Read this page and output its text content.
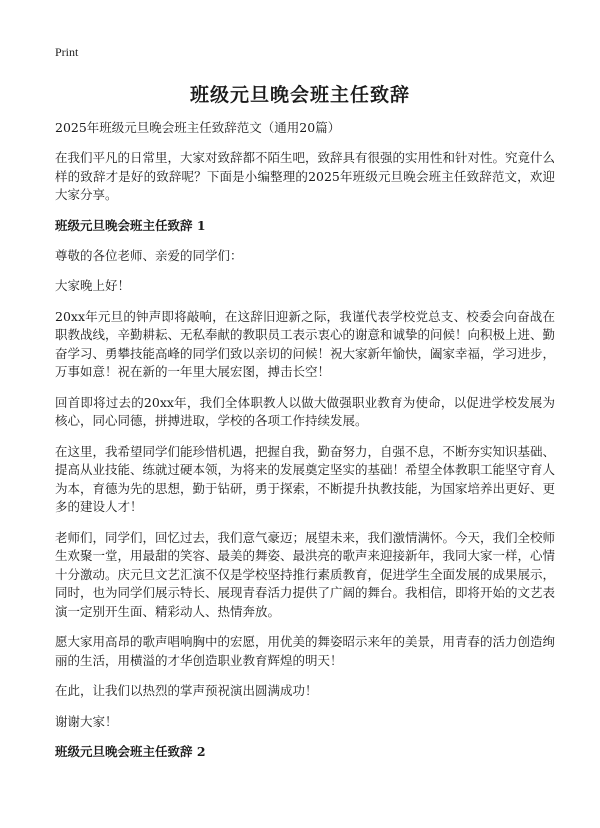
Print
班级元旦晚会班主任致辞

2025年班级元旦晚会班主任致辞范文（通用20篇）

在我们平凡的日常里，大家对致辞都不陌生吧，致辞具有很强的实用性和针对性。究竟什么样的致辞才是好的致辞呢？下面是小编整理的2025年班级元旦晚会班主任致辞范文，欢迎大家分享。

班级元旦晚会班主任致辞 1

尊敬的各位老师、亲爱的同学们：

大家晚上好！

20xx年元旦的钟声即将敲响，在这辞旧迎新之际，我谨代表学校党总支、校委会向奋战在职教战线，辛勤耕耘、无私奉献的教职员工表示衷心的谢意和诚挚的问候！向积极上进、勤奋学习、勇攀技能高峰的同学们致以亲切的问候！祝大家新年愉快，阖家幸福，学习进步，万事如意！祝在新的一年里大展宏图，搏击长空！

回首即将过去的20xx年，我们全体职教人以做大做强职业教育为使命，以促进学校发展为核心，同心同德，拼搏进取，学校的各项工作持续发展。

在这里，我希望同学们能珍惜机遇，把握自我，勤奋努力，自强不息，不断夯实知识基础、提高从业技能、练就过硬本领，为将来的发展奠定坚实的基础！希望全体教职工能坚守育人为本，育德为先的思想，勤于钻研，勇于探索，不断提升执教技能，为国家培养出更好、更多的建设人才！

老师们，同学们，回忆过去，我们意气豪迈；展望未来，我们激情满怀。今天，我们全校师生欢聚一堂，用最甜的笑容、最美的舞姿、最洪亮的歌声来迎接新年，我同大家一样，心情十分激动。庆元旦文艺汇演不仅是学校坚持推行素质教育，促进学生全面发展的成果展示，同时，也为同学们展示特长、展现青春活力提供了广阔的舞台。我相信，即将开始的文艺表演一定别开生面、精彩动人、热情奔放。

愿大家用高昂的歌声唱响胸中的宏愿，用优美的舞姿昭示来年的美景，用青春的活力创造绚丽的生活，用横溢的才华创造职业教育辉煌的明天！

在此，让我们以热烈的掌声预祝演出圆满成功！

谢谢大家！

班级元旦晚会班主任致辞 2
